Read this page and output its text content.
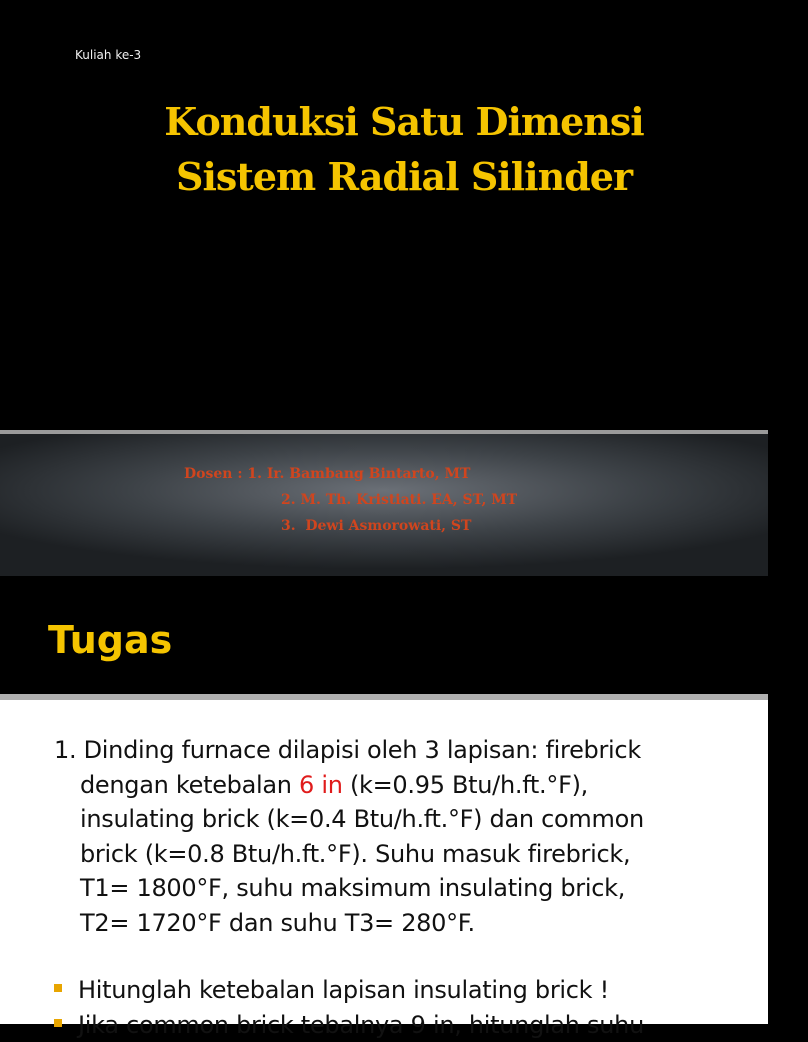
Kuliah ke-3
Konduksi Satu Dimensi
Sistem Radial Silinder
Dosen : 1. Ir. Bambang Bintarto, MT
2. M. Th. Kristiati. EA, ST, MT
3.  Dewi Asmorowati, ST
Tugas
1. Dinding furnace dilapisi oleh 3 lapisan: firebrick
dengan ketebalan 6 in (k=0.95 Btu/h.ft.°F),
insulating brick (k=0.4 Btu/h.ft.°F) dan common
brick (k=0.8 Btu/h.ft.°F). Suhu masuk firebrick,
T1= 1800°F, suhu maksimum insulating brick,
T2= 1720°F dan suhu T3= 280°F.
Hitunglah ketebalan lapisan insulating brick !
Jika common brick tebalnya 9 in, hitunglah suhu
